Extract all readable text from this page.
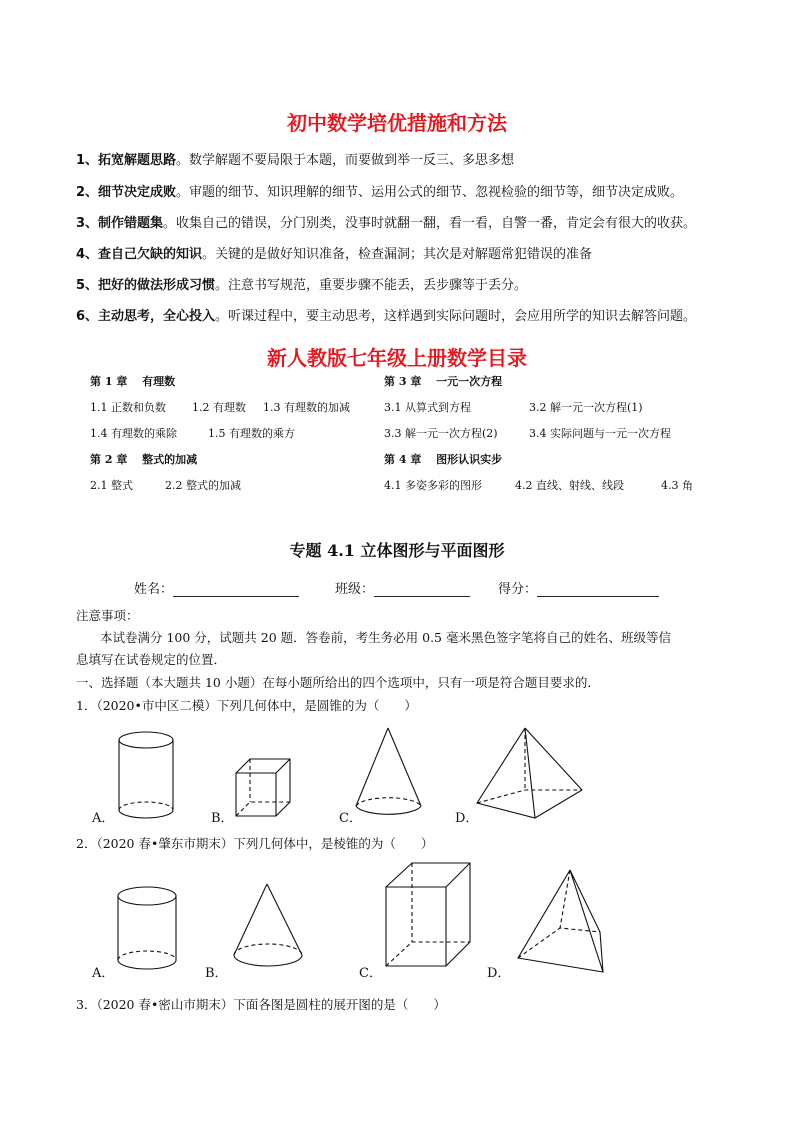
初中数学培优措施和方法
1、拓宽解题思路。数学解题不要局限于本题，而要做到举一反三、多思多想
2、细节决定成败。审题的细节、知识理解的细节、运用公式的细节、忽视检验的细节等，细节决定成败。
3、制作错题集。收集自己的错误，分门别类，没事时就翻一翻，看一看，自警一番，肯定会有很大的收获。
4、查自己欠缺的知识。关键的是做好知识准备，检查漏洞；其次是对解题常犯错误的准备
5、把好的做法形成习惯。注意书写规范，重要步骤不能丢，丢步骤等于丢分。
6、主动思考，全心投入。听课过程中，要主动思考，这样遇到实际问题时，会应用所学的知识去解答问题。
新人教版七年级上册数学目录
第 1 章　 有理数
1.1 正数和负数 1.2 有理数 1.3 有理数的加减
1.4 有理数的乘除	1.5 有理数的乘方
第 2 章　 整式的加减
2.1 整式	2.2 整式的加减
第 3 章　 一元一次方程
3.1 从算式到方程	3.2 解一元一次方程(1)
3.3 解一元一次方程(2)	3.4 实际问题与一元一次方程
第 4 章　 图形认识实步
4.1 多姿多彩的图形	4.2 直线、射线、线段	4.3 角
专题 4.1 立体图形与平面图形
姓名：	班级：	得分：
注意事项：
本试卷满分 100 分，试题共 20 题．答卷前，考生务必用 0.5 毫米黑色签字笔将自己的姓名、班级等信
息填写在试卷规定的位置．
一、选择题（本大题共 10 小题）在每小题所给出的四个选项中，只有一项是符合题目要求的．
1．（2020•市中区二模）下列几何体中，是圆锥的为（　　）
A．	B．	C．	D．
2．（2020 春•肇东市期末）下列几何体中，是棱锥的为（　　）
A．	B．	C．	D．
3．（2020 春•密山市期末）下面各图是圆柱的展开图的是（　　）
